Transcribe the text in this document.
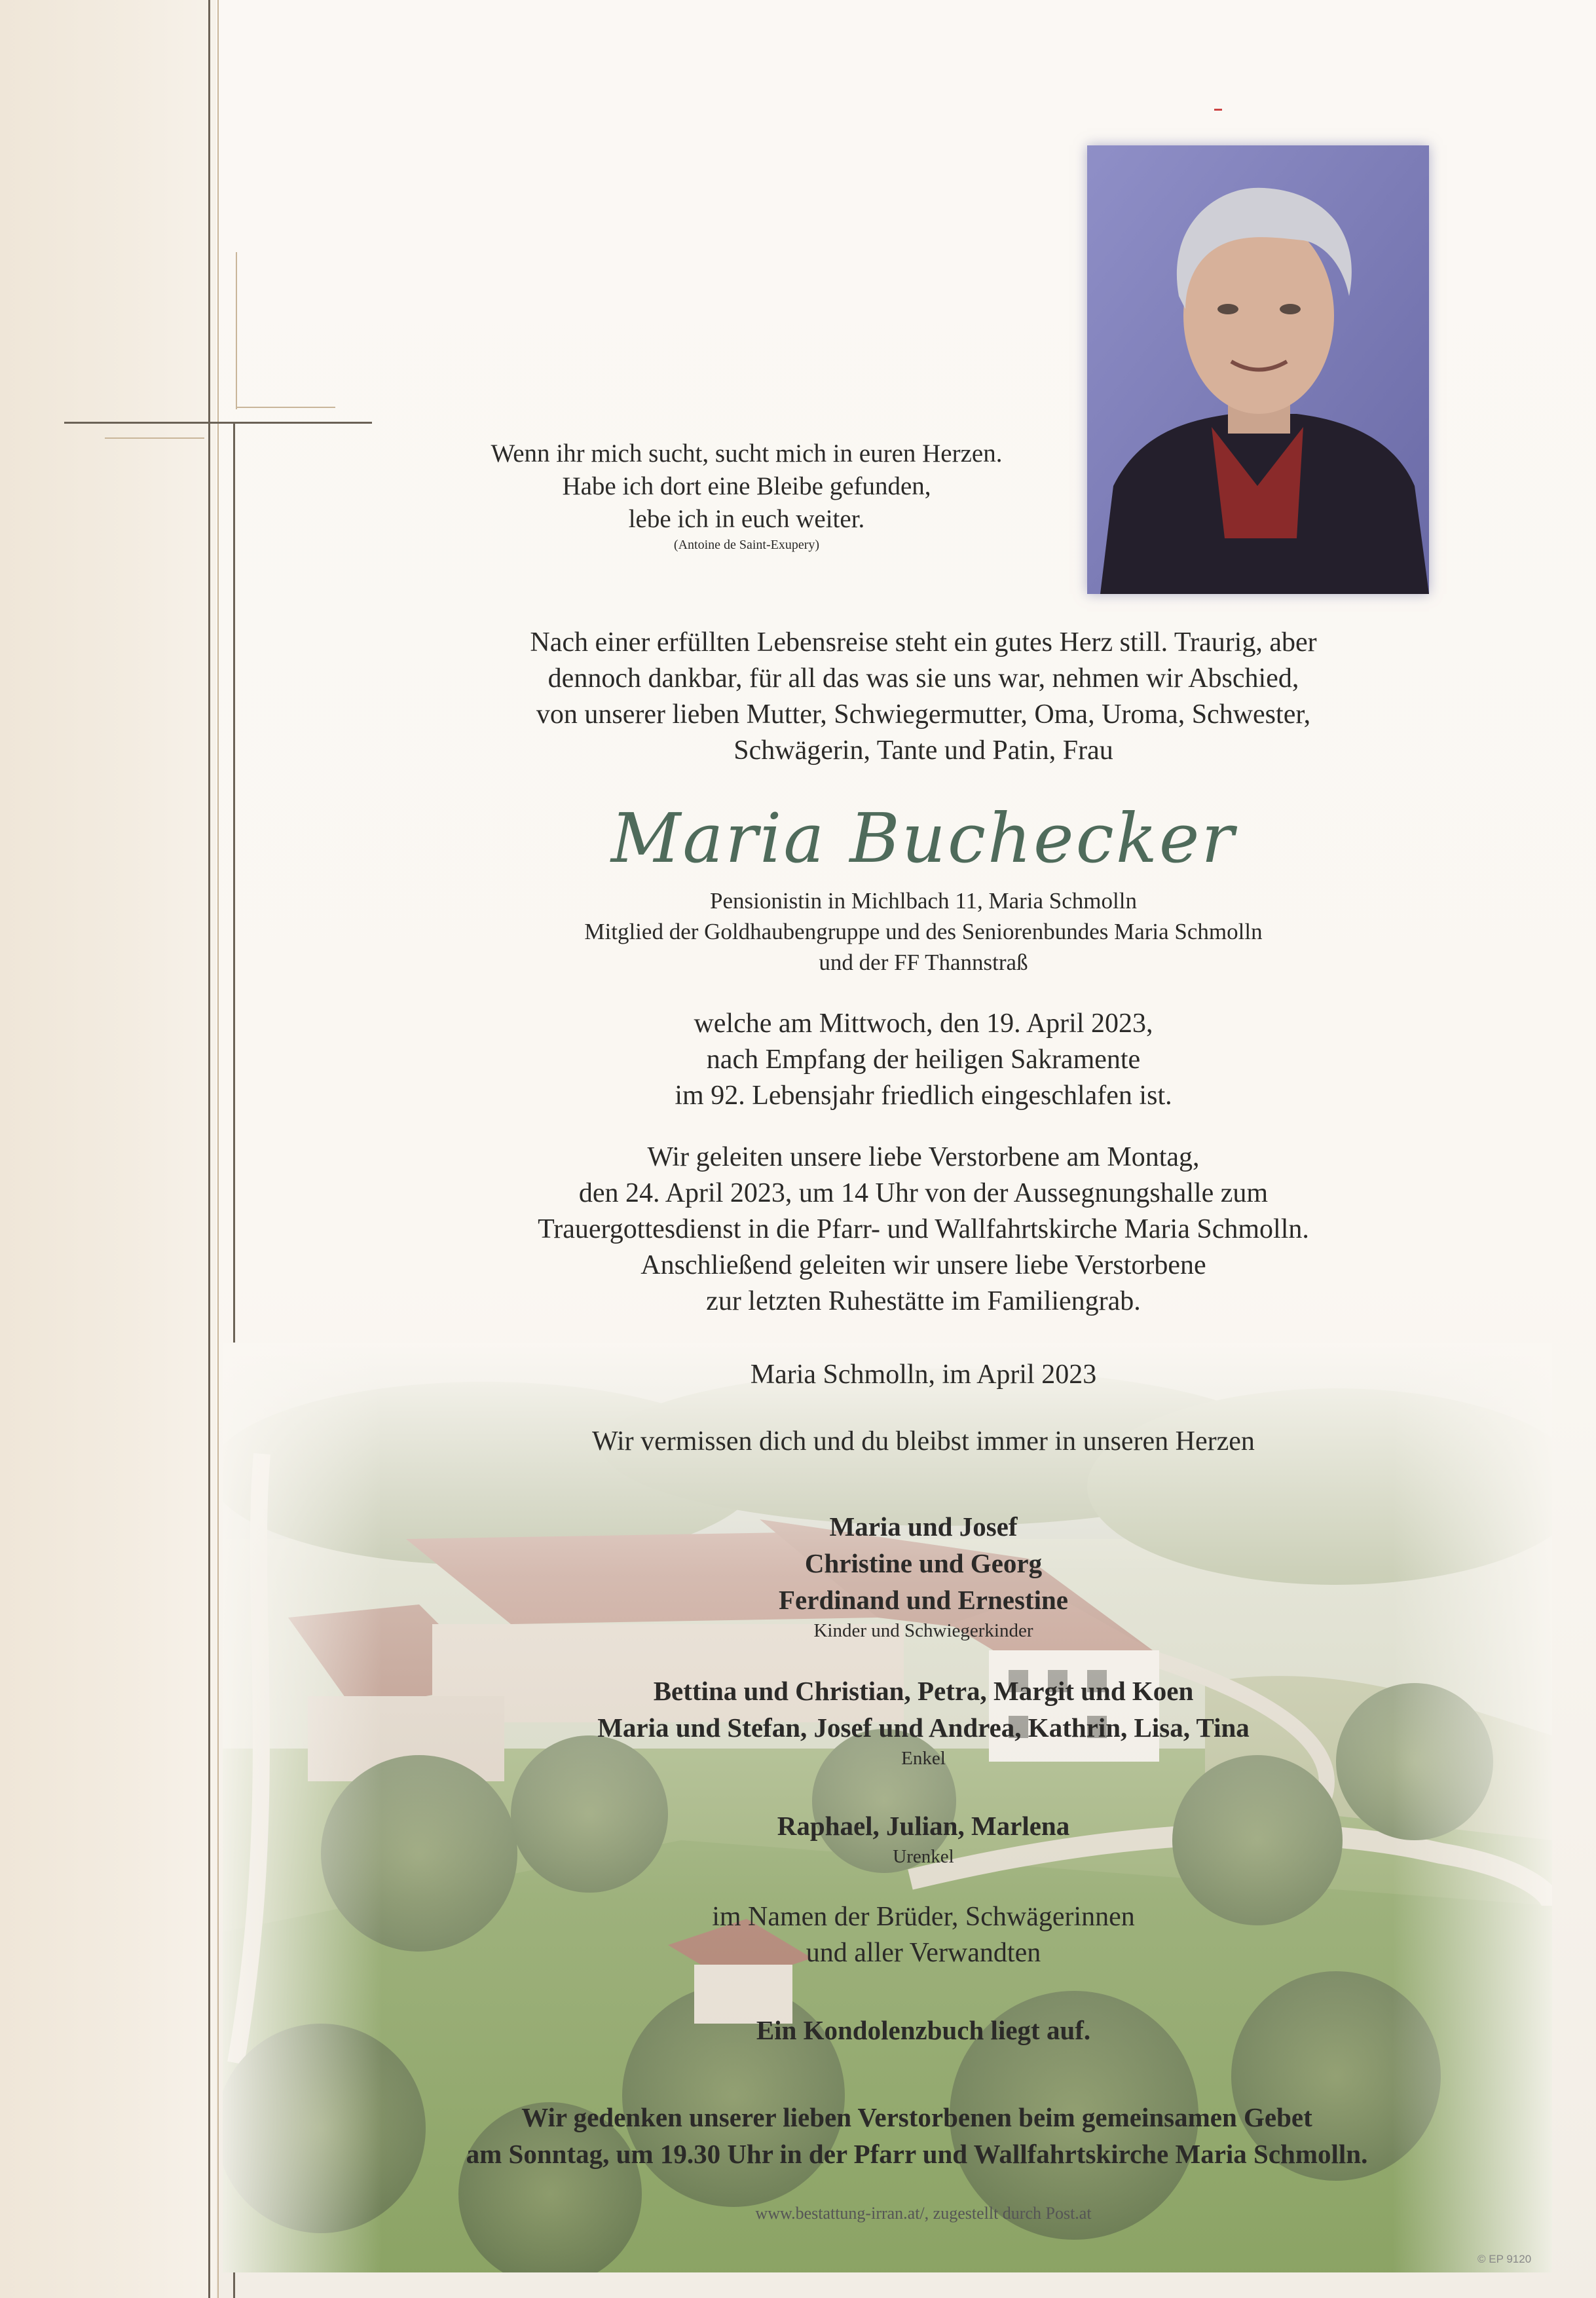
Wenn ihr mich sucht, sucht mich in euren Herzen.
Habe ich dort eine Bleibe gefunden,
lebe ich in euch weiter.
(Antoine de Saint-Exupery)
Nach einer erfüllten Lebensreise steht ein gutes Herz still. Traurig, aber
dennoch dankbar, für all das was sie uns war, nehmen wir Abschied,
von unserer lieben Mutter, Schwiegermutter, Oma, Uroma, Schwester,
Schwägerin, Tante und Patin, Frau
Maria Buchecker
Pensionistin in Michlbach 11, Maria Schmolln
Mitglied der Goldhaubengruppe und des Seniorenbundes Maria Schmolln
und der FF Thannstraß
welche am Mittwoch, den 19. April 2023,
nach Empfang der heiligen Sakramente
im 92. Lebensjahr friedlich eingeschlafen ist.
Wir geleiten unsere liebe Verstorbene am Montag,
den 24. April 2023, um 14 Uhr von der Aussegnungshalle zum
Trauergottesdienst in die Pfarr- und Wallfahrtskirche Maria Schmolln.
Anschließend geleiten wir unsere liebe Verstorbene
zur letzten Ruhestätte im Familiengrab.
Maria Schmolln, im April 2023
Wir vermissen dich und du bleibst immer in unseren Herzen
Maria und Josef
Christine und Georg
Ferdinand und Ernestine
Kinder und Schwiegerkinder
Bettina und Christian, Petra, Margit und Koen
Maria und Stefan, Josef und Andrea, Kathrin, Lisa, Tina
Enkel
Raphael, Julian, Marlena
Urenkel
im Namen der Brüder, Schwägerinnen
und aller Verwandten
Ein Kondolenzbuch liegt auf.
Wir gedenken unserer lieben Verstorbenen beim gemeinsamen Gebet
am Sonntag, um 19.30 Uhr in der Pfarr und Wallfahrtskirche Maria Schmolln.
www.bestattung-irran.at/, zugestellt durch Post.at
© EP 9120
